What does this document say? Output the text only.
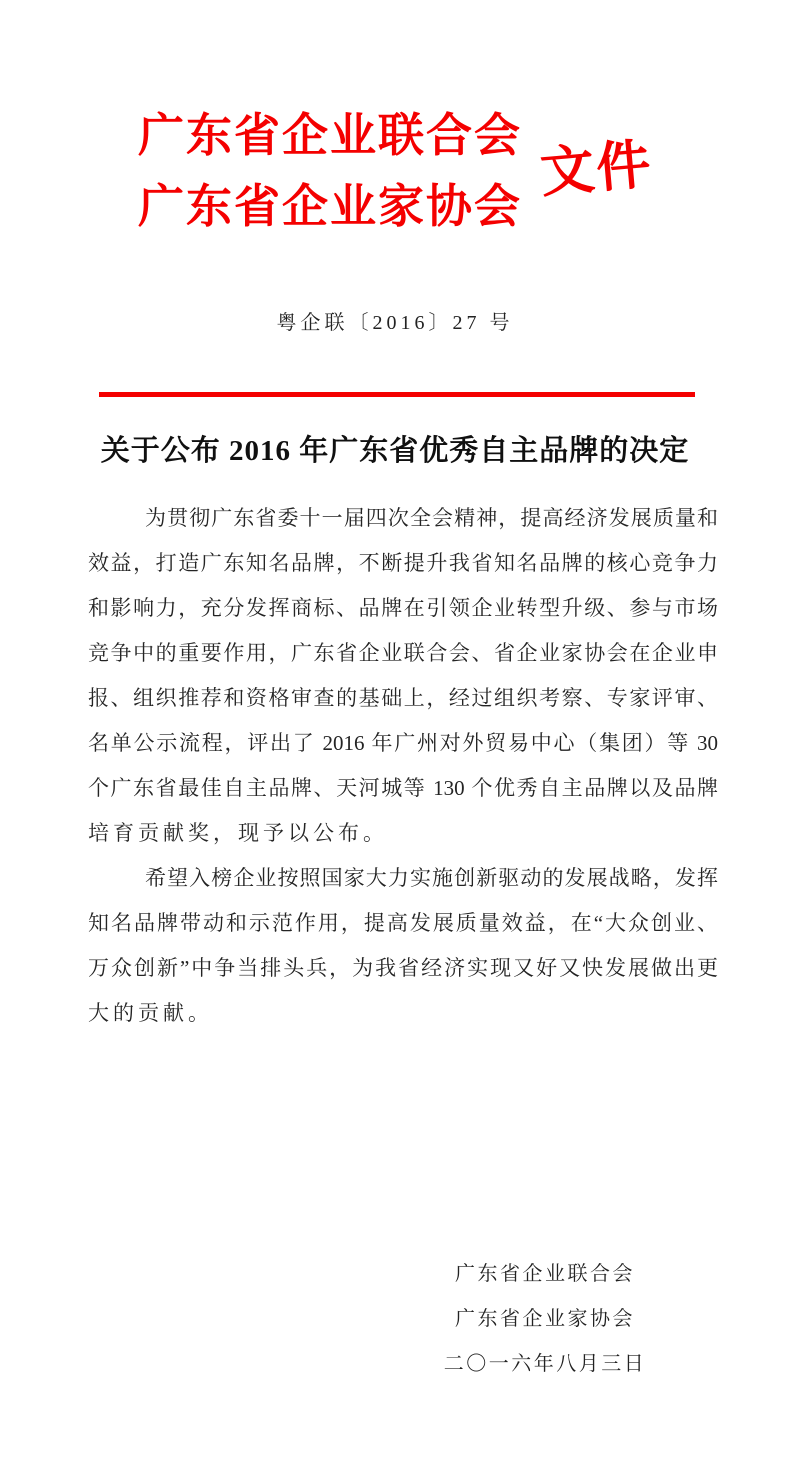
广东省企业联合会
广东省企业家协会
文件
粤企联〔2016〕27 号
关于公布 2016 年广东省优秀自主品牌的决定
为贯彻广东省委十一届四次全会精神，提高经济发展质量和
效益，打造广东知名品牌，不断提升我省知名品牌的核心竞争力
和影响力，充分发挥商标、品牌在引领企业转型升级、参与市场
竞争中的重要作用，广东省企业联合会、省企业家协会在企业申
报、组织推荐和资格审查的基础上，经过组织考察、专家评审、
名单公示流程，评出了 2016 年广州对外贸易中心（集团）等 30
个广东省最佳自主品牌、天河城等 130 个优秀自主品牌以及品牌
培育贡献奖，现予以公布。
希望入榜企业按照国家大力实施创新驱动的发展战略，发挥
知名品牌带动和示范作用，提高发展质量效益，在“大众创业、
万众创新”中争当排头兵，为我省经济实现又好又快发展做出更
大的贡献。
广东省企业联合会
广东省企业家协会
二〇一六年八月三日
